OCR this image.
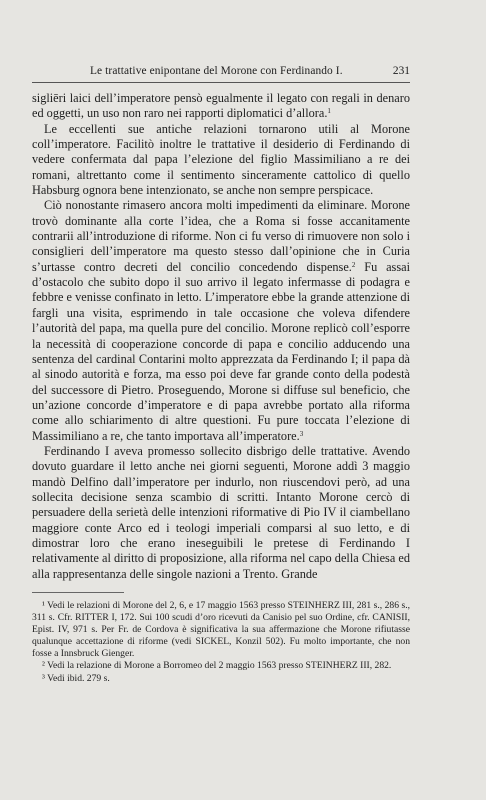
Le trattative enipontane del Morone con Ferdinando I.	231

sigliēri laici dell’imperatore pensò egualmente il legato con regali in denaro ed oggetti, un uso non raro nei rapporti diplomatici d’allora.$^1$

Le eccellenti sue antiche relazioni tornarono utili al Morone coll’imperatore. Facilitò inoltre le trattative il desiderio di Ferdinando di vedere confermata dal papa l’elezione del figlio Massimiliano a re dei romani, altrettanto come il sentimento sinceramente cattolico di quello Habsburg ognora bene intenzionato, se anche non sempre perspicace.

Ciò nonostante rimasero ancora molti impedimenti da eliminare. Morone trovò dominante alla corte l’idea, che a Roma si fosse accanitamente contrarii all’introduzione di riforme. Non ci fu verso di rimuovere non solo i consiglieri dell’imperatore ma questo stesso dall’opinione che in Curia s’urtasse contro decreti del concilio concedendo dispense.$^2$ Fu assai d’ostacolo che subito dopo il suo arrivo il legato infermasse di podagra e febbre e venisse confinato in letto. L’imperatore ebbe la grande attenzione di fargli una visita, esprimendo in tale occasione che voleva difendere l’autorità del papa, ma quella pure del concilio. Morone replicò coll’esporre la necessità di cooperazione concorde di papa e concilio adducendo una sentenza del cardinal Contarini molto apprezzata da Ferdinando I; il papa dà al sinodo autorità e forza, ma esso poi deve far grande conto della podestà del successore di Pietro. Proseguendo, Morone si diffuse sul beneficio, che un’azione concorde d’imperatore e di papa avrebbe portato alla riforma come allo schiarimento di altre questioni. Fu pure toccata l’elezione di Massimiliano a re, che tanto importava all’imperatore.$^3$

Ferdinando I aveva promesso sollecito disbrigo delle trattative. Avendo dovuto guardare il letto anche nei giorni seguenti, Morone addì 3 maggio mandò Delfino dall’imperatore per indurlo, non riuscendovi però, ad una sollecita decisione senza scambio di scritti. Intanto Morone cercò di persuadere della serietà delle intenzioni riformative di Pio IV il ciambellano maggiore conte Arco ed i teologi imperiali comparsi al suo letto, e di dimostrar loro che erano ineseguibili le pretese di Ferdinando I relativamente al diritto di proposizione, alla riforma nel capo della Chiesa ed alla rappresentanza delle singole nazioni a Trento. Grande

¹ Vedi le relazioni di Morone del 2, 6, e 17 maggio 1563 presso STEINHERZ III, 281 s., 286 s., 311 s. Cfr. RITTER I, 172. Sui 100 scudi d’oro ricevuti da Canisio pel suo Ordine, cfr. CANISII, Epist. IV, 971 s. Per Fr. de Cordova è significativa la sua affermazione che Morone rifiutasse qualunque accettazione di riforme (vedi SICKEL, Konzil 502). Fu molto importante, che non fosse a Innsbruck Gienger.

² Vedi la relazione di Morone a Borromeo del 2 maggio 1563 presso STEINHERZ III, 282.

³ Vedi ibid. 279 s.
